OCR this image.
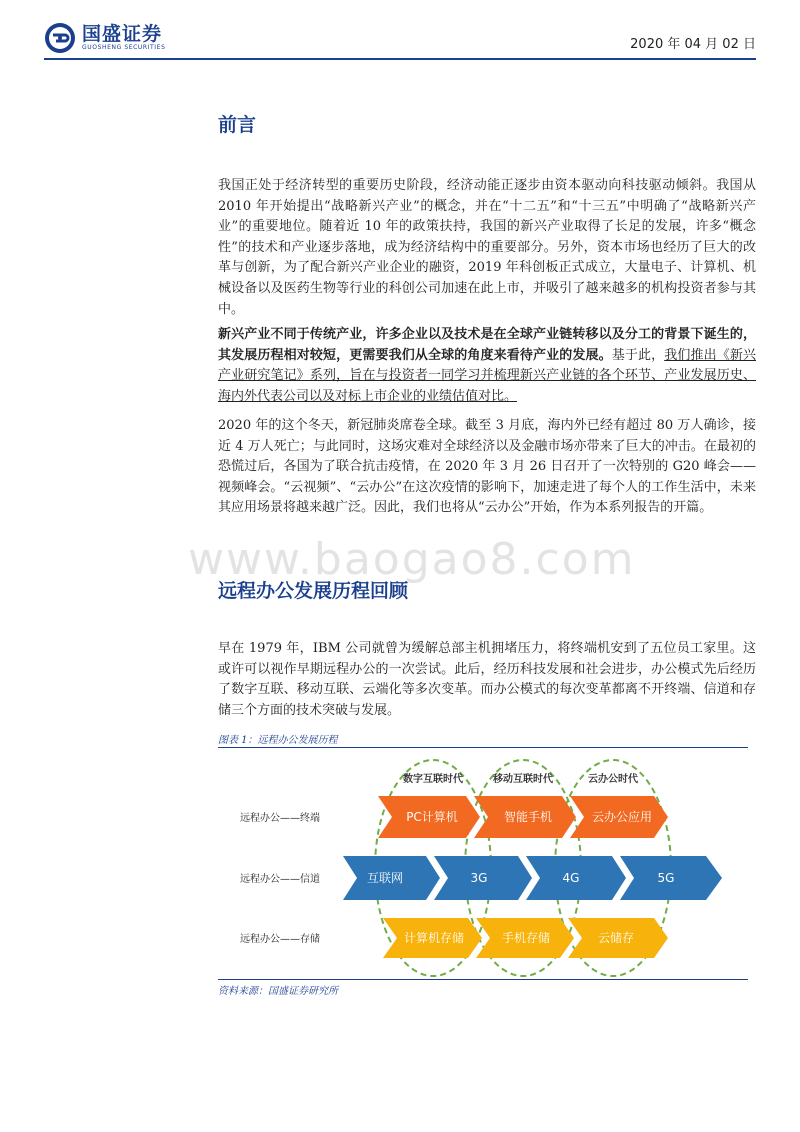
国盛证券
GUOSHENG SECURITIES	2020 年 04 月 02 日
前言
我国正处于经济转型的重要历史阶段，经济动能正逐步由资本驱动向科技驱动倾斜。我国从 2010 年开始提出“战略新兴产业”的概念，并在“十二五”和“十三五”中明确了“战略新兴产业”的重要地位。随着近 10 年的政策扶持，我国的新兴产业取得了长足的发展，许多“概念性”的技术和产业逐步落地，成为经济结构中的重要部分。另外，资本市场也经历了巨大的改革与创新，为了配合新兴产业企业的融资，2019 年科创板正式成立，大量电子、计算机、机械设备以及医药生物等行业的科创公司加速在此上市，并吸引了越来越多的机构投资者参与其中。
新兴产业不同于传统产业，许多企业以及技术是在全球产业链转移以及分工的背景下诞生的，其发展历程相对较短，更需要我们从全球的角度来看待产业的发展。基于此，我们推出《新兴产业研究笔记》系列，旨在与投资者一同学习并梳理新兴产业链的各个环节、产业发展历史、海内外代表公司以及对标上市企业的业绩估值对比。
2020 年的这个冬天，新冠肺炎席卷全球。截至 3 月底，海内外已经有超过 80 万人确诊，接近 4 万人死亡；与此同时，这场灾难对全球经济以及金融市场亦带来了巨大的冲击。在最初的恐慌过后，各国为了联合抗击疫情，在 2020 年 3 月 26 日召开了一次特别的 G20 峰会——视频峰会。“云视频”、“云办公”在这次疫情的影响下，加速走进了每个人的工作生活中，未来其应用场景将越来越广泛。因此，我们也将从“云办公”开始，作为本系列报告的开篇。
www.baogao8.com
远程办公发展历程回顾
早在 1979 年，IBM 公司就曾为缓解总部主机拥堵压力，将终端机安到了五位员工家里。这或许可以视作早期远程办公的一次尝试。此后，经历科技发展和社会进步，办公模式先后经历了数字互联、移动互联、云端化等多次变革。而办公模式的每次变革都离不开终端、信道和存储三个方面的技术突破与发展。
图表 1：远程办公发展历程
数字互联时代	移动互联时代	云办公时代
远程办公——终端
远程办公——信道
远程办公——存储
PC计算机	智能手机	云办公应用
互联网	3G	4G	5G
计算机存储	手机存储	云储存
资料来源：国盛证券研究所
